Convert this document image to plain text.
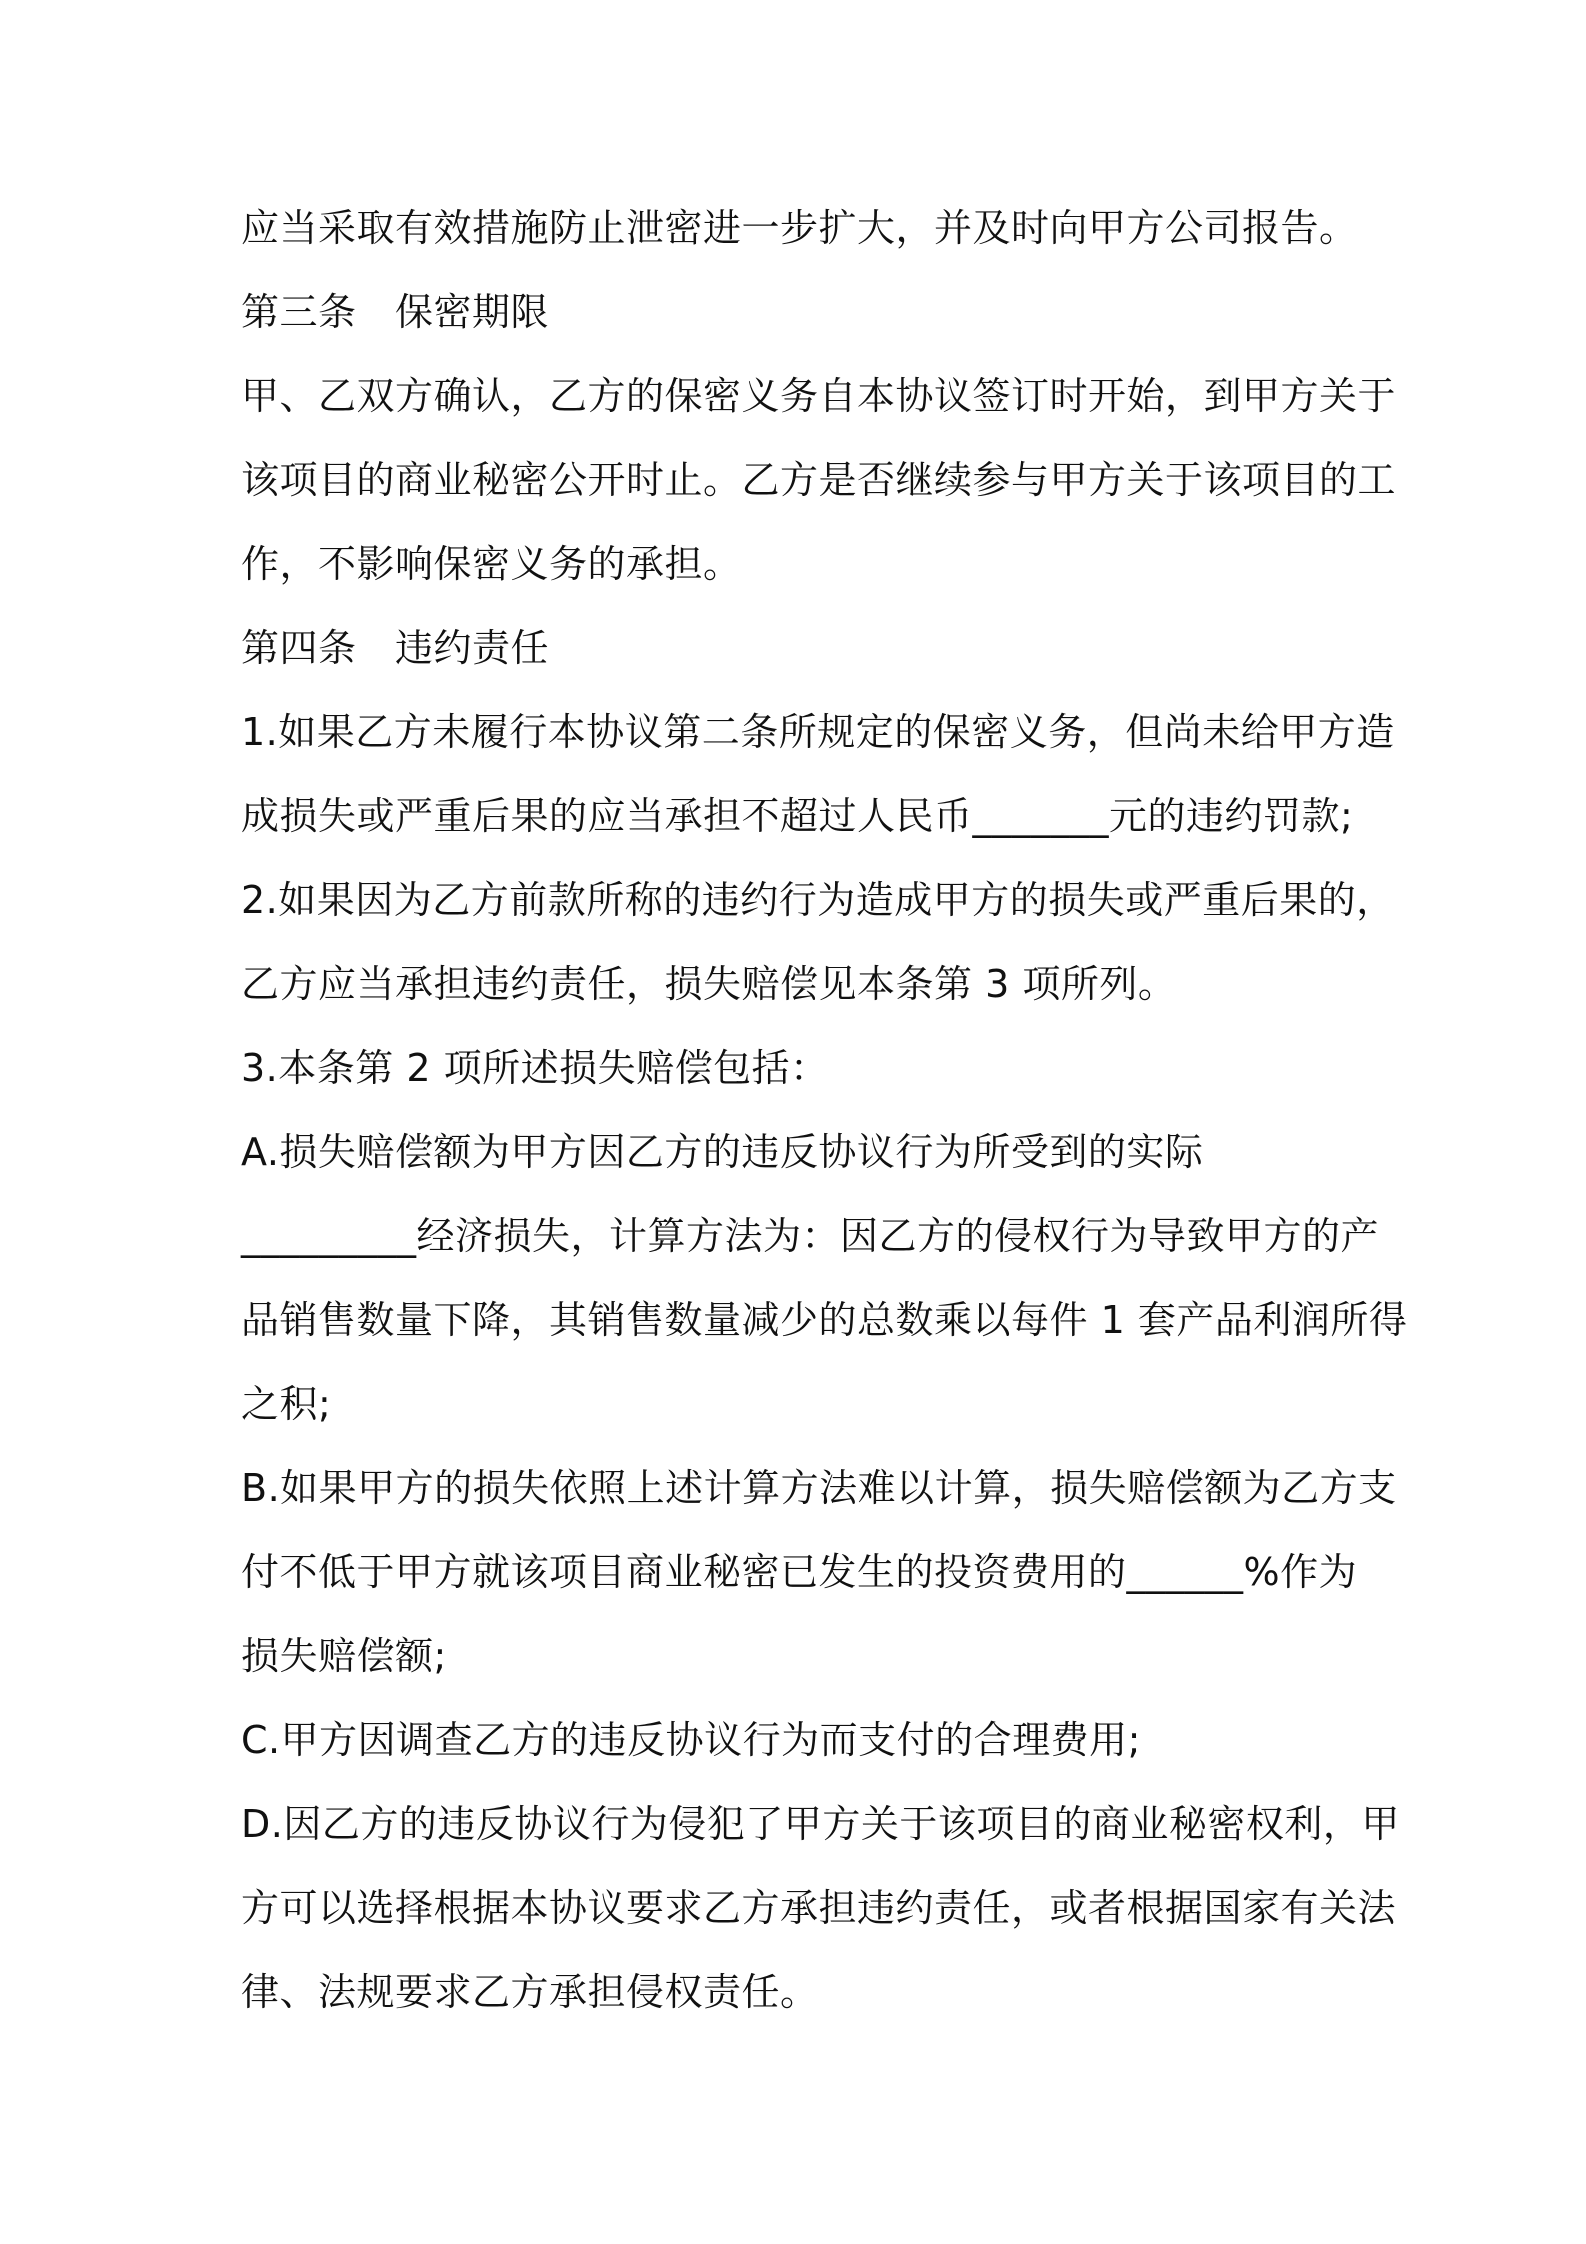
应当采取有效措施防止泄密进一步扩大，并及时向甲方公司报告。
第三条　保密期限
甲、乙双方确认，乙方的保密义务自本协议签订时开始，到甲方关于
该项目的商业秘密公开时止。乙方是否继续参与甲方关于该项目的工
作，不影响保密义务的承担。
第四条　违约责任
1.如果乙方未履行本协议第二条所规定的保密义务，但尚未给甲方造
成损失或严重后果的应当承担不超过人民币_______元的违约罚款;
2.如果因为乙方前款所称的违约行为造成甲方的损失或严重后果的，
乙方应当承担违约责任，损失赔偿见本条第 3 项所列。
3.本条第 2 项所述损失赔偿包括：
A.损失赔偿额为甲方因乙方的违反协议行为所受到的实际
_________经济损失，计算方法为：因乙方的侵权行为导致甲方的产
品销售数量下降，其销售数量减少的总数乘以每件 1 套产品利润所得
之积;
B.如果甲方的损失依照上述计算方法难以计算，损失赔偿额为乙方支
付不低于甲方就该项目商业秘密已发生的投资费用的______%作为
损失赔偿额;
C.甲方因调查乙方的违反协议行为而支付的合理费用;
D.因乙方的违反协议行为侵犯了甲方关于该项目的商业秘密权利，甲
方可以选择根据本协议要求乙方承担违约责任，或者根据国家有关法
律、法规要求乙方承担侵权责任。
